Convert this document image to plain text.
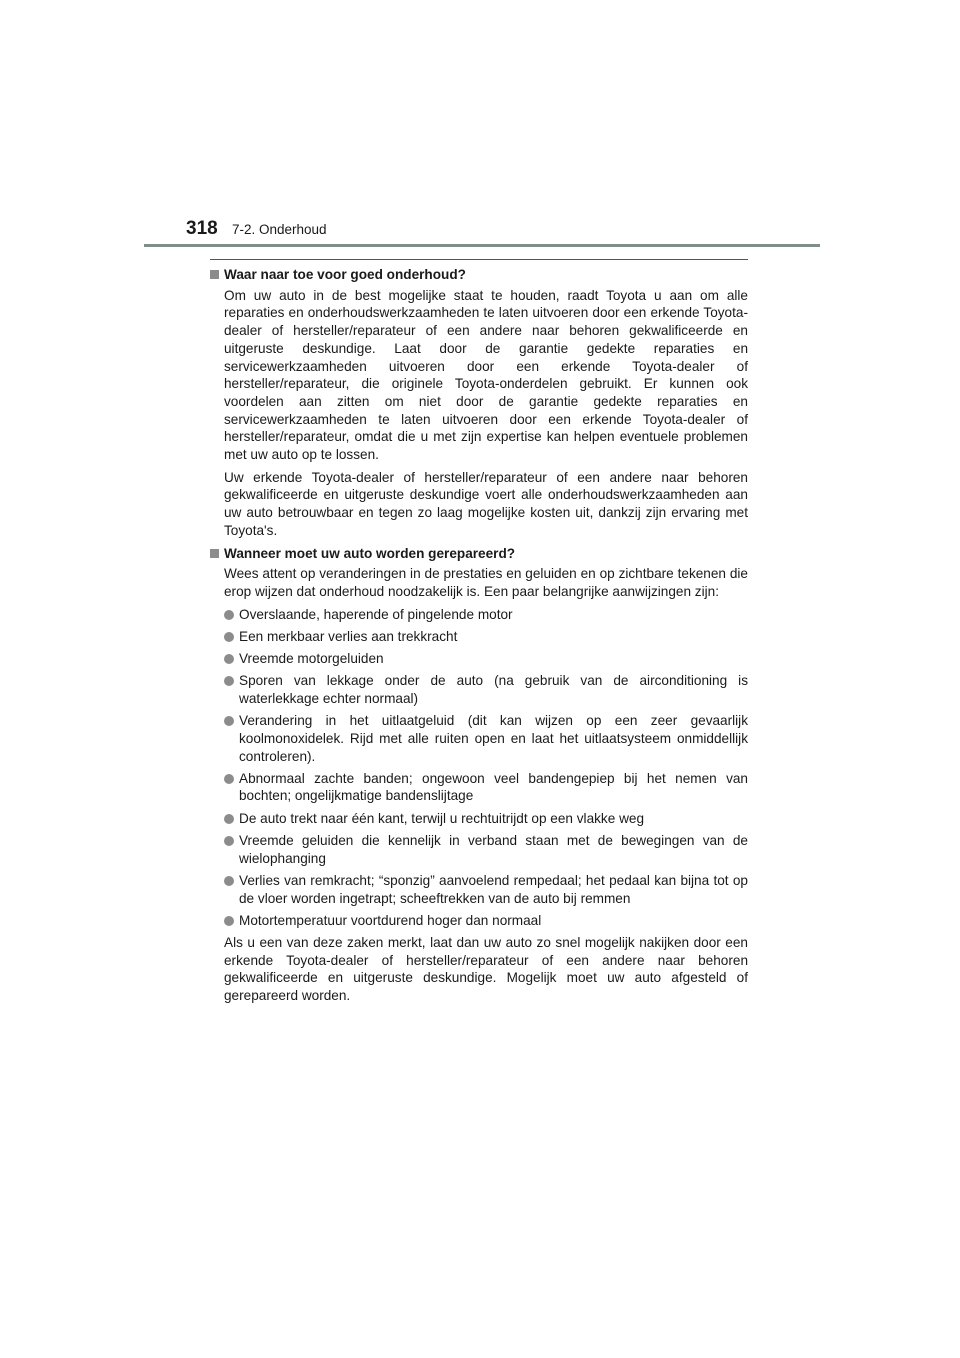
318 7-2. Onderhoud
Waar naar toe voor goed onderhoud?

Om uw auto in de best mogelijke staat te houden, raadt Toyota u aan om alle reparaties en onderhoudswerkzaamheden te laten uitvoeren door een erkende Toyota-dealer of hersteller/reparateur of een andere naar behoren gekwalificeerde en uitgeruste deskundige. Laat door de garantie gedekte reparaties en servicewerkzaamheden uitvoeren door een erkende Toyota-dealer of hersteller/reparateur, die originele Toyota-onderdelen gebruikt. Er kunnen ook voordelen aan zitten om niet door de garantie gedekte reparaties en servicewerkzaamheden te laten uitvoeren door een erkende Toyota-dealer of hersteller/reparateur, omdat die u met zijn expertise kan helpen eventuele problemen met uw auto op te lossen.

Uw erkende Toyota-dealer of hersteller/reparateur of een andere naar behoren gekwalificeerde en uitgeruste deskundige voert alle onderhoudswerkzaamheden aan uw auto betrouwbaar en tegen zo laag mogelijke kosten uit, dankzij zijn ervaring met Toyota's.

Wanneer moet uw auto worden gerepareerd?

Wees attent op veranderingen in de prestaties en geluiden en op zichtbare tekenen die erop wijzen dat onderhoud noodzakelijk is. Een paar belangrijke aanwijzingen zijn:

Overslaande, haperende of pingelende motor
Een merkbaar verlies aan trekkracht
Vreemde motorgeluiden
Sporen van lekkage onder de auto (na gebruik van de airconditioning is waterlekkage echter normaal)
Verandering in het uitlaatgeluid (dit kan wijzen op een zeer gevaarlijk koolmonoxidelek. Rijd met alle ruiten open en laat het uitlaatsysteem onmiddellijk controleren).
Abnormaal zachte banden; ongewoon veel bandengepiep bij het nemen van bochten; ongelijkmatige bandenslijtage
De auto trekt naar één kant, terwijl u rechtuitrijdt op een vlakke weg
Vreemde geluiden die kennelijk in verband staan met de bewegingen van de wielophanging
Verlies van remkracht; “sponzig” aanvoelend rempedaal; het pedaal kan bijna tot op de vloer worden ingetrapt; scheeftrekken van de auto bij remmen
Motortemperatuur voortdurend hoger dan normaal

Als u een van deze zaken merkt, laat dan uw auto zo snel mogelijk nakijken door een erkende Toyota-dealer of hersteller/reparateur of een andere naar behoren gekwalificeerde en uitgeruste deskundige. Mogelijk moet uw auto afgesteld of gerepareerd worden.
